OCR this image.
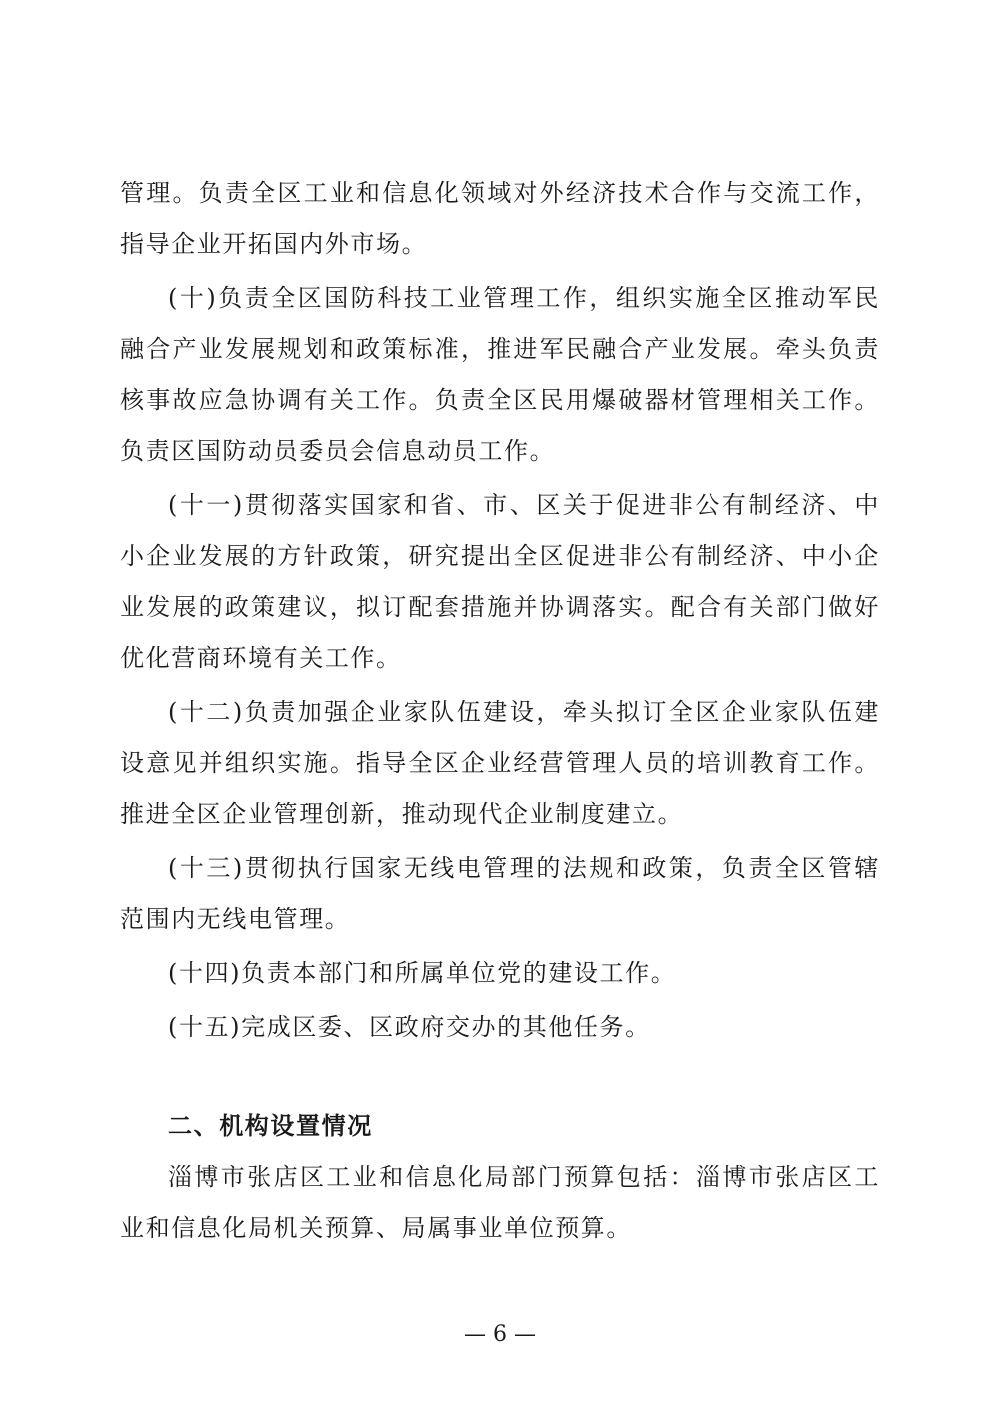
管理。负责全区工业和信息化领域对外经济技术合作与交流工作，指导企业开拓国内外市场。

(十)负责全区国防科技工业管理工作，组织实施全区推动军民融合产业发展规划和政策标准，推进军民融合产业发展。牵头负责核事故应急协调有关工作。负责全区民用爆破器材管理相关工作。负责区国防动员委员会信息动员工作。

(十一)贯彻落实国家和省、市、区关于促进非公有制经济、中小企业发展的方针政策，研究提出全区促进非公有制经济、中小企业发展的政策建议，拟订配套措施并协调落实。配合有关部门做好优化营商环境有关工作。

(十二)负责加强企业家队伍建设，牵头拟订全区企业家队伍建设意见并组织实施。指导全区企业经营管理人员的培训教育工作。推进全区企业管理创新，推动现代企业制度建立。

(十三)贯彻执行国家无线电管理的法规和政策，负责全区管辖范围内无线电管理。

(十四)负责本部门和所属单位党的建设工作。

(十五)完成区委、区政府交办的其他任务。

二、机构设置情况

淄博市张店区工业和信息化局部门预算包括：淄博市张店区工业和信息化局机关预算、局属事业单位预算。

— 6 —
